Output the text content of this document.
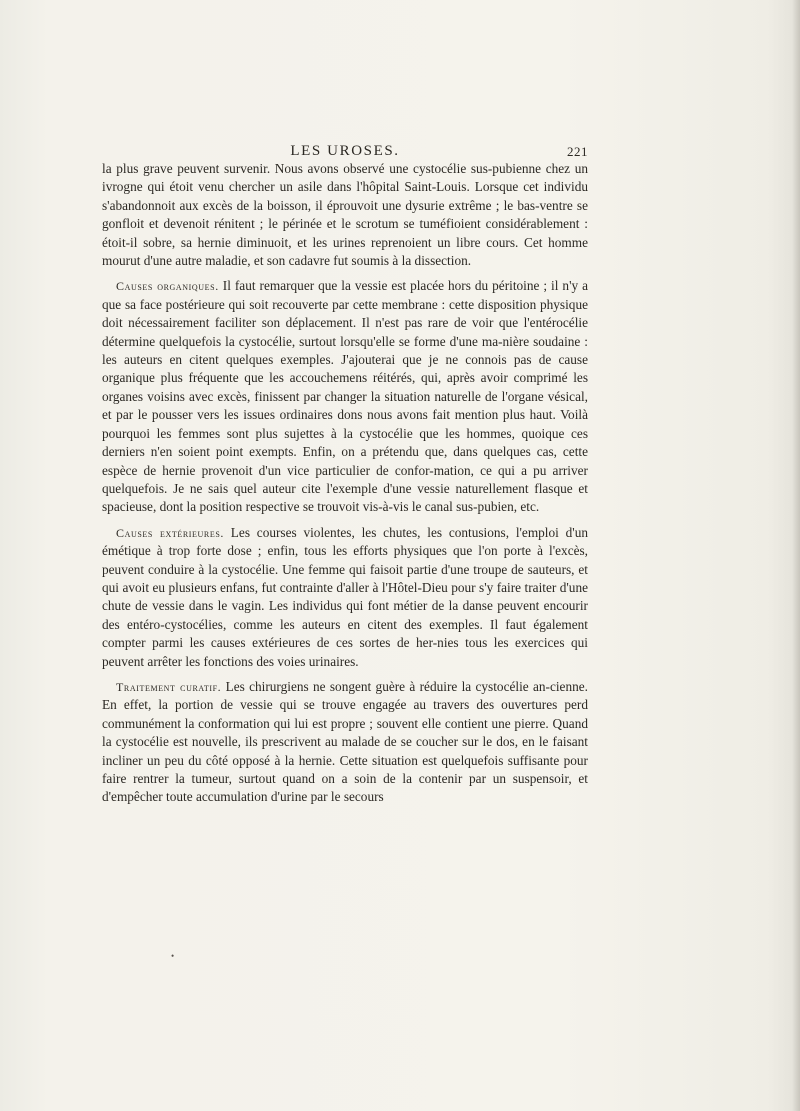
LES UROSES.	221

la plus grave peuvent survenir. Nous avons observé une cystocélie sus-pubienne chez un ivrogne qui étoit venu chercher un asile dans l'hôpital Saint-Louis. Lorsque cet individu s'abandonnoit aux excès de la boisson, il éprouvoit une dysurie extrême ; le bas-ventre se gonfloit et devenoit rénitent ; le périnée et le scrotum se tuméfioient considérablement : étoit-il sobre, sa hernie diminuoit, et les urines reprenoient un libre cours. Cet homme mourut d'une autre maladie, et son cadavre fut soumis à la dissection.

Causes organiques. Il faut remarquer que la vessie est placée hors du péritoine ; il n'y a que sa face postérieure qui soit recouverte par cette membrane : cette disposition physique doit nécessairement faciliter son déplacement. Il n'est pas rare de voir que l'entérocélie détermine quelquefois la cystocélie, surtout lorsqu'elle se forme d'une ma-nière soudaine : les auteurs en citent quelques exemples. J'ajouterai que je ne connois pas de cause organique plus fréquente que les accouchemens réitérés, qui, après avoir comprimé les organes voisins avec excès, finissent par changer la situation naturelle de l'organe vésical, et par le pousser vers les issues ordinaires dons nous avons fait mention plus haut. Voilà pourquoi les femmes sont plus sujettes à la cystocélie que les hommes, quoique ces derniers n'en soient point exempts. Enfin, on a prétendu que, dans quelques cas, cette espèce de hernie provenoit d'un vice particulier de confor-mation, ce qui a pu arriver quelquefois. Je ne sais quel auteur cite l'exemple d'une vessie naturellement flasque et spacieuse, dont la position respective se trouvoit vis-à-vis le canal sus-pubien, etc.

Causes extérieures. Les courses violentes, les chutes, les contusions, l'emploi d'un émétique à trop forte dose ; enfin, tous les efforts physiques que l'on porte à l'excès, peuvent conduire à la cystocélie. Une femme qui faisoit partie d'une troupe de sauteurs, et qui avoit eu plusieurs enfans, fut contrainte d'aller à l'Hôtel-Dieu pour s'y faire traiter d'une chute de vessie dans le vagin. Les individus qui font métier de la danse peuvent encourir des entéro-cystocélies, comme les auteurs en citent des exemples. Il faut également compter parmi les causes extérieures de ces sortes de her-nies tous les exercices qui peuvent arrêter les fonctions des voies urinaires.

Traitement curatif. Les chirurgiens ne songent guère à réduire la cystocélie an-cienne. En effet, la portion de vessie qui se trouve engagée au travers des ouvertures perd communément la conformation qui lui est propre ; souvent elle contient une pierre. Quand la cystocélie est nouvelle, ils prescrivent au malade de se coucher sur le dos, en le faisant incliner un peu du côté opposé à la hernie. Cette situation est quelquefois suffisante pour faire rentrer la tumeur, surtout quand on a soin de la contenir par un suspensoir, et d'empêcher toute accumulation d'urine par le secours

•
